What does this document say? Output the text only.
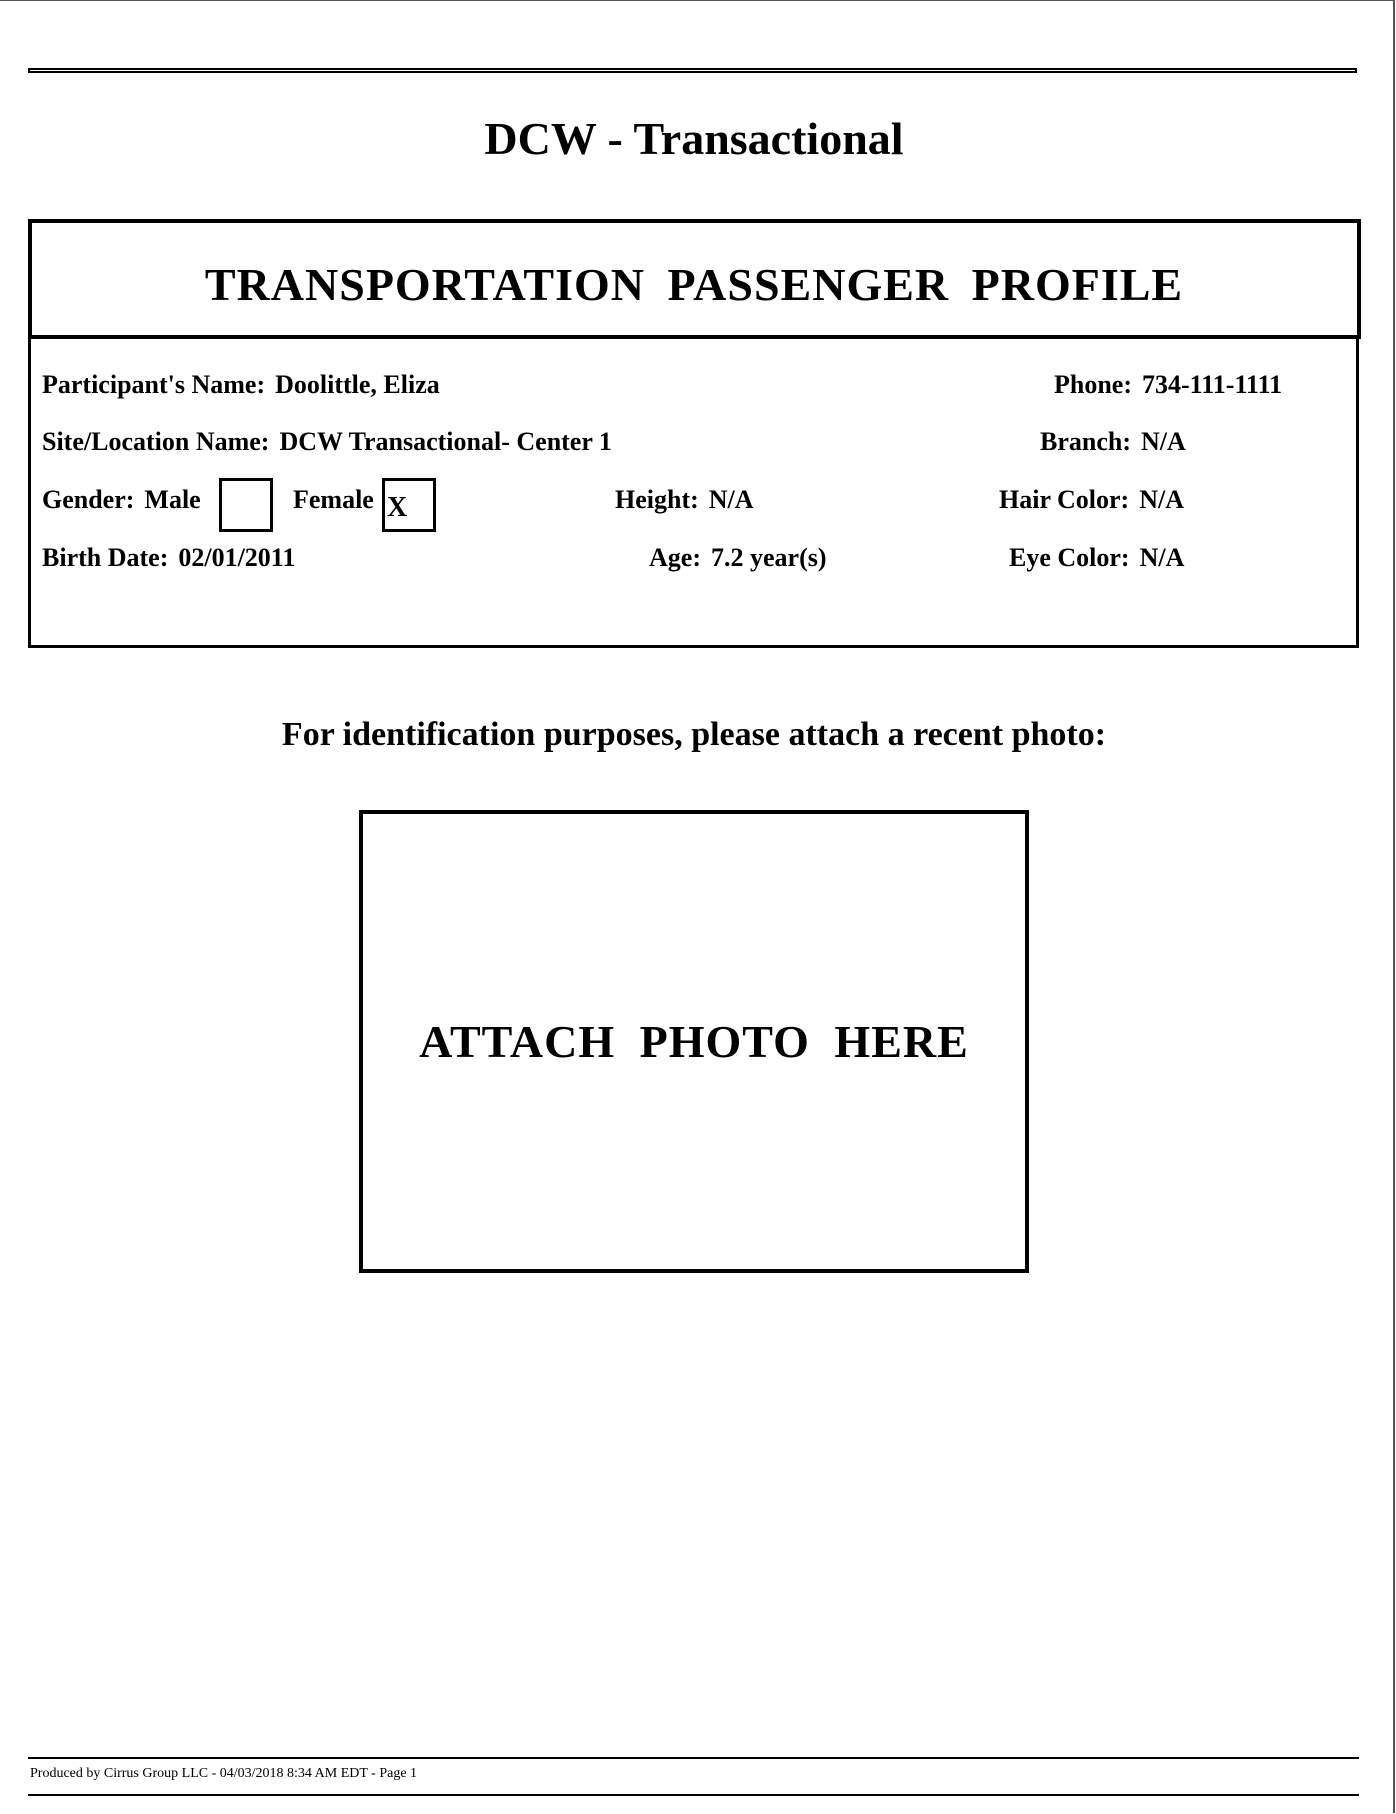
DCW - Transactional
TRANSPORTATION PASSENGER PROFILE
Participant's Name: Doolittle, Eliza	Phone: 734-111-1111
Site/Location Name: DCW Transactional- Center 1	Branch: N/A
Gender: Male	Female X	Height: N/A	Hair Color: N/A
Birth Date: 02/01/2011	Age: 7.2 year(s)	Eye Color: N/A
For identification purposes, please attach a recent photo:
ATTACH PHOTO HERE
Produced by Cirrus Group LLC - 04/03/2018 8:34 AM EDT - Page 1
